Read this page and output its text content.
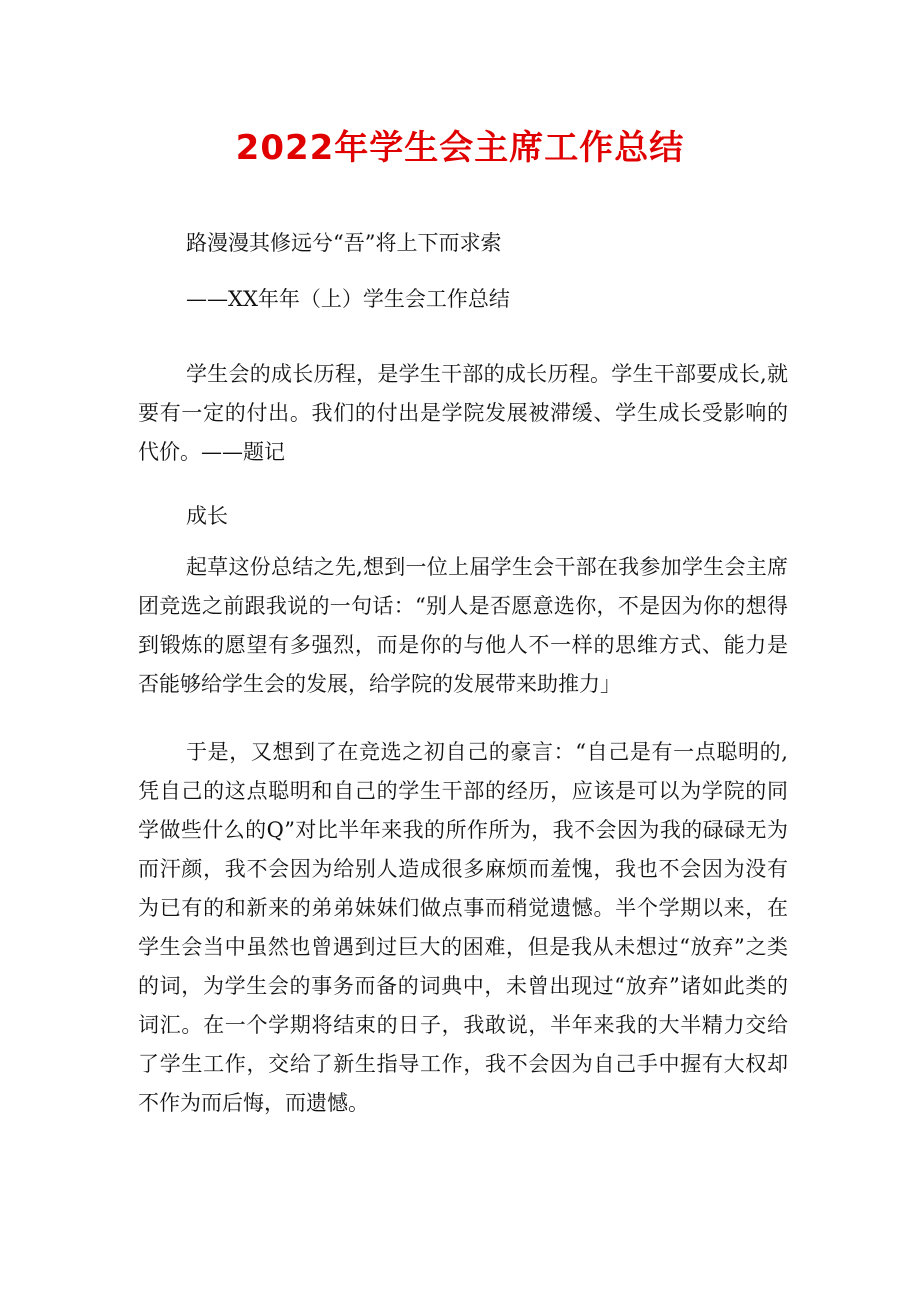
2022年学生会主席工作总结

路漫漫其修远兮“吾”将上下而求索

——XX年年（上）学生会工作总结

学生会的成长历程，是学生干部的成长历程。学生干部要成长,就要有一定的付出。我们的付出是学院发展被滞缓、学生成长受影响的代价。——题记

成长

起草这份总结之先,想到一位上届学生会干部在我参加学生会主席团竞选之前跟我说的一句话：“别人是否愿意选你，不是因为你的想得到锻炼的愿望有多强烈，而是你的与他人不一样的思维方式、能力是否能够给学生会的发展，给学院的发展带来助推力」

于是，又想到了在竞选之初自己的豪言：“自己是有一点聪明的,凭自己的这点聪明和自己的学生干部的经历，应该是可以为学院的同学做些什么的Q”对比半年来我的所作所为，我不会因为我的碌碌无为而汗颜，我不会因为给别人造成很多麻烦而羞愧，我也不会因为没有为已有的和新来的弟弟妹妹们做点事而稍觉遗憾。半个学期以来，在学生会当中虽然也曾遇到过巨大的困难，但是我从未想过“放弃”之类的词，为学生会的事务而备的词典中，未曾出现过“放弃”诸如此类的词汇。在一个学期将结束的日子，我敢说，半年来我的大半精力交给了学生工作，交给了新生指导工作，我不会因为自己手中握有大权却不作为而后悔，而遗憾。
